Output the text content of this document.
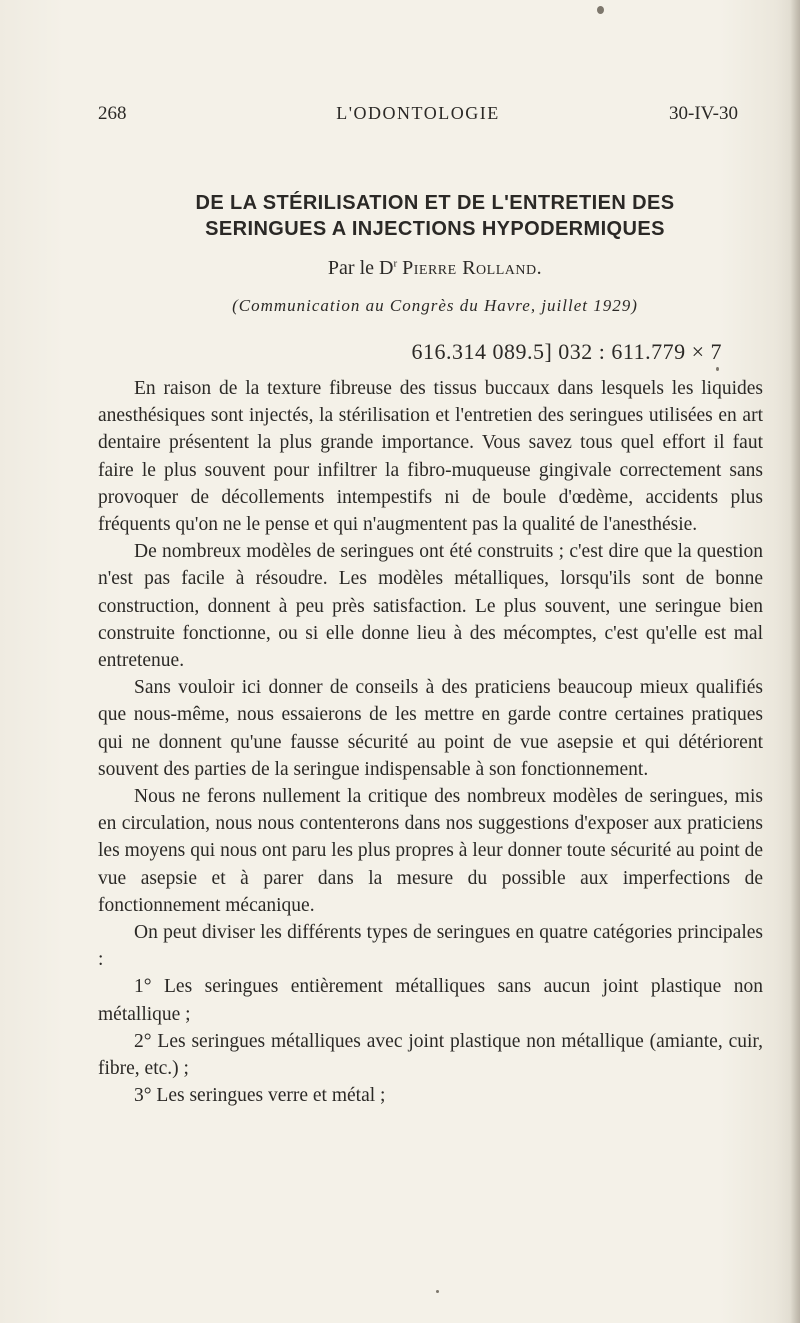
268	L'ODONTOLOGIE	30-IV-30
DE LA STÉRILISATION ET DE L'ENTRETIEN DES
SERINGUES A INJECTIONS HYPODERMIQUES
Par le $D^r$ Pierre Rolland.
(Communication au Congrès du Havre, juillet 1929)
616.314 089.5] 032 : 611.779 × 7

En raison de la texture fibreuse des tissus buccaux dans lesquels les liquides anesthésiques sont injectés, la stérilisation et l'entretien des seringues utilisées en art dentaire présentent la plus grande importance. Vous savez tous quel effort il faut faire le plus souvent pour infiltrer la fibro-muqueuse gingivale correctement sans provoquer de décollements intempestifs ni de boule d'œdème, accidents plus fréquents qu'on ne le pense et qui n'augmentent pas la qualité de l'anesthésie.

De nombreux modèles de seringues ont été construits ; c'est dire que la question n'est pas facile à résoudre. Les modèles métalliques, lorsqu'ils sont de bonne construction, donnent à peu près satisfaction. Le plus souvent, une seringue bien construite fonctionne, ou si elle donne lieu à des mécomptes, c'est qu'elle est mal entretenue.

Sans vouloir ici donner de conseils à des praticiens beaucoup mieux qualifiés que nous-même, nous essaierons de les mettre en garde contre certaines pratiques qui ne donnent qu'une fausse sécurité au point de vue asepsie et qui détériorent souvent des parties de la seringue indispensable à son fonctionnement.

Nous ne ferons nullement la critique des nombreux modèles de seringues, mis en circulation, nous nous contenterons dans nos suggestions d'exposer aux praticiens les moyens qui nous ont paru les plus propres à leur donner toute sécurité au point de vue asepsie et à parer dans la mesure du possible aux imperfections de fonctionnement mécanique.

On peut diviser les différents types de seringues en quatre catégories principales :

1° Les seringues entièrement métalliques sans aucun joint plastique non métallique ;

2° Les seringues métalliques avec joint plastique non métallique (amiante, cuir, fibre, etc.) ;

3° Les seringues verre et métal ;
